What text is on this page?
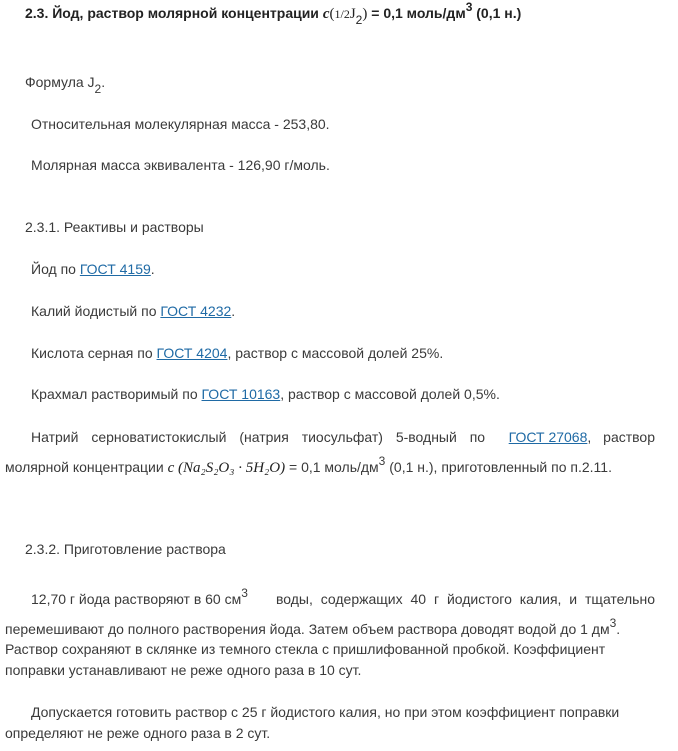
2.3. Йод, раствор молярной концентрации c(1/2J2) = 0,1 моль/дм3 (0,1 н.)
Формула J2.
Относительная молекулярная масса - 253,80.
Молярная масса эквивалента - 126,90 г/моль.
2.3.1. Реактивы и растворы
Йод по ГОСТ 4159.
Калий йодистый по ГОСТ 4232.
Кислота серная по ГОСТ 4204, раствор с массовой долей 25%.
Крахмал растворимый по ГОСТ 10163, раствор с массовой долей 0,5%.
Натрий серноватистокислый (натрия тиосульфат) 5-водный по ГОСТ 27068, раствор
молярной концентрации c (Na₂S₂O₃ · 5H₂O) = 0,1 моль/дм3 (0,1 н.), приготовленный по п.2.11.
2.3.2. Приготовление раствора
12,70 г йода растворяют в 60 см3 воды, содержащих 40 г йодистого калия, и тщательно
перемешивают до полного растворения йода. Затем объем раствора доводят водой до 1 дм3.
Раствор сохраняют в склянке из темного стекла с пришлифованной пробкой. Коэффициент
поправки устанавливают не реже одного раза в 10 сут.
Допускается готовить раствор с 25 г йодистого калия, но при этом коэффициент поправки
определяют не реже одного раза в 2 сут.
